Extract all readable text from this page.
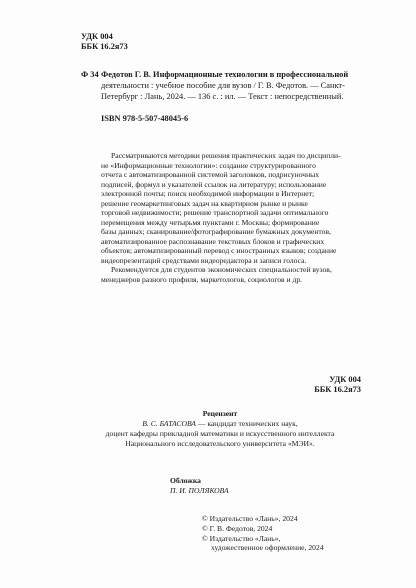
УДК 004
ББК 16.2я73
Ф 34 Федотов Г. В. Информационные технологии в профессиональной
деятельности : учебное пособие для вузов / Г. В. Федотов. — Санкт-
Петербург : Лань, 2024. — 136 с. : ил. — Текст : непосредственный.
ISBN 978-5-507-48045-6
Рассматриваются методики решения практических задач по дисципли-
не «Информационные технологии»: создание структурированного
отчета с автоматизированной системой заголовков, подрисуночных
подписей, формул и указателей ссылок на литературу; использование
электронной почты; поиск необходимой информации в Интернет;
решение геомаркетинговых задач на квартирном рынке и рынке
торговой недвижимости; решение транспортной задачи оптимального
перемещения между четырьмя пунктами г. Москвы; формирование
базы данных; сканирование/фотографирование бумажных документов,
автоматизированное распознавание текстовых блоков и графических
объектов; автоматизированный перевод с иностранных языков; создание
видеопрезентаций средствами видеоредактора и записи голоса.
Рекомендуется для студентов экономических специальностей вузов,
менеджеров разного профиля, маркетологов, социологов и др.
УДК 004
ББК 16.2я73
Рецензент
В. С. БАТАСОВА — кандидат технических наук,
доцент кафедры прикладной математики и искусственного интеллекта
Национального исследовательского университета «МЭИ».
Обложка
П. И. ПОЛЯКОВА
© Издательство «Лань», 2024
© Г. В. Федотов, 2024
© Издательство «Лань»,
художественное оформление, 2024
